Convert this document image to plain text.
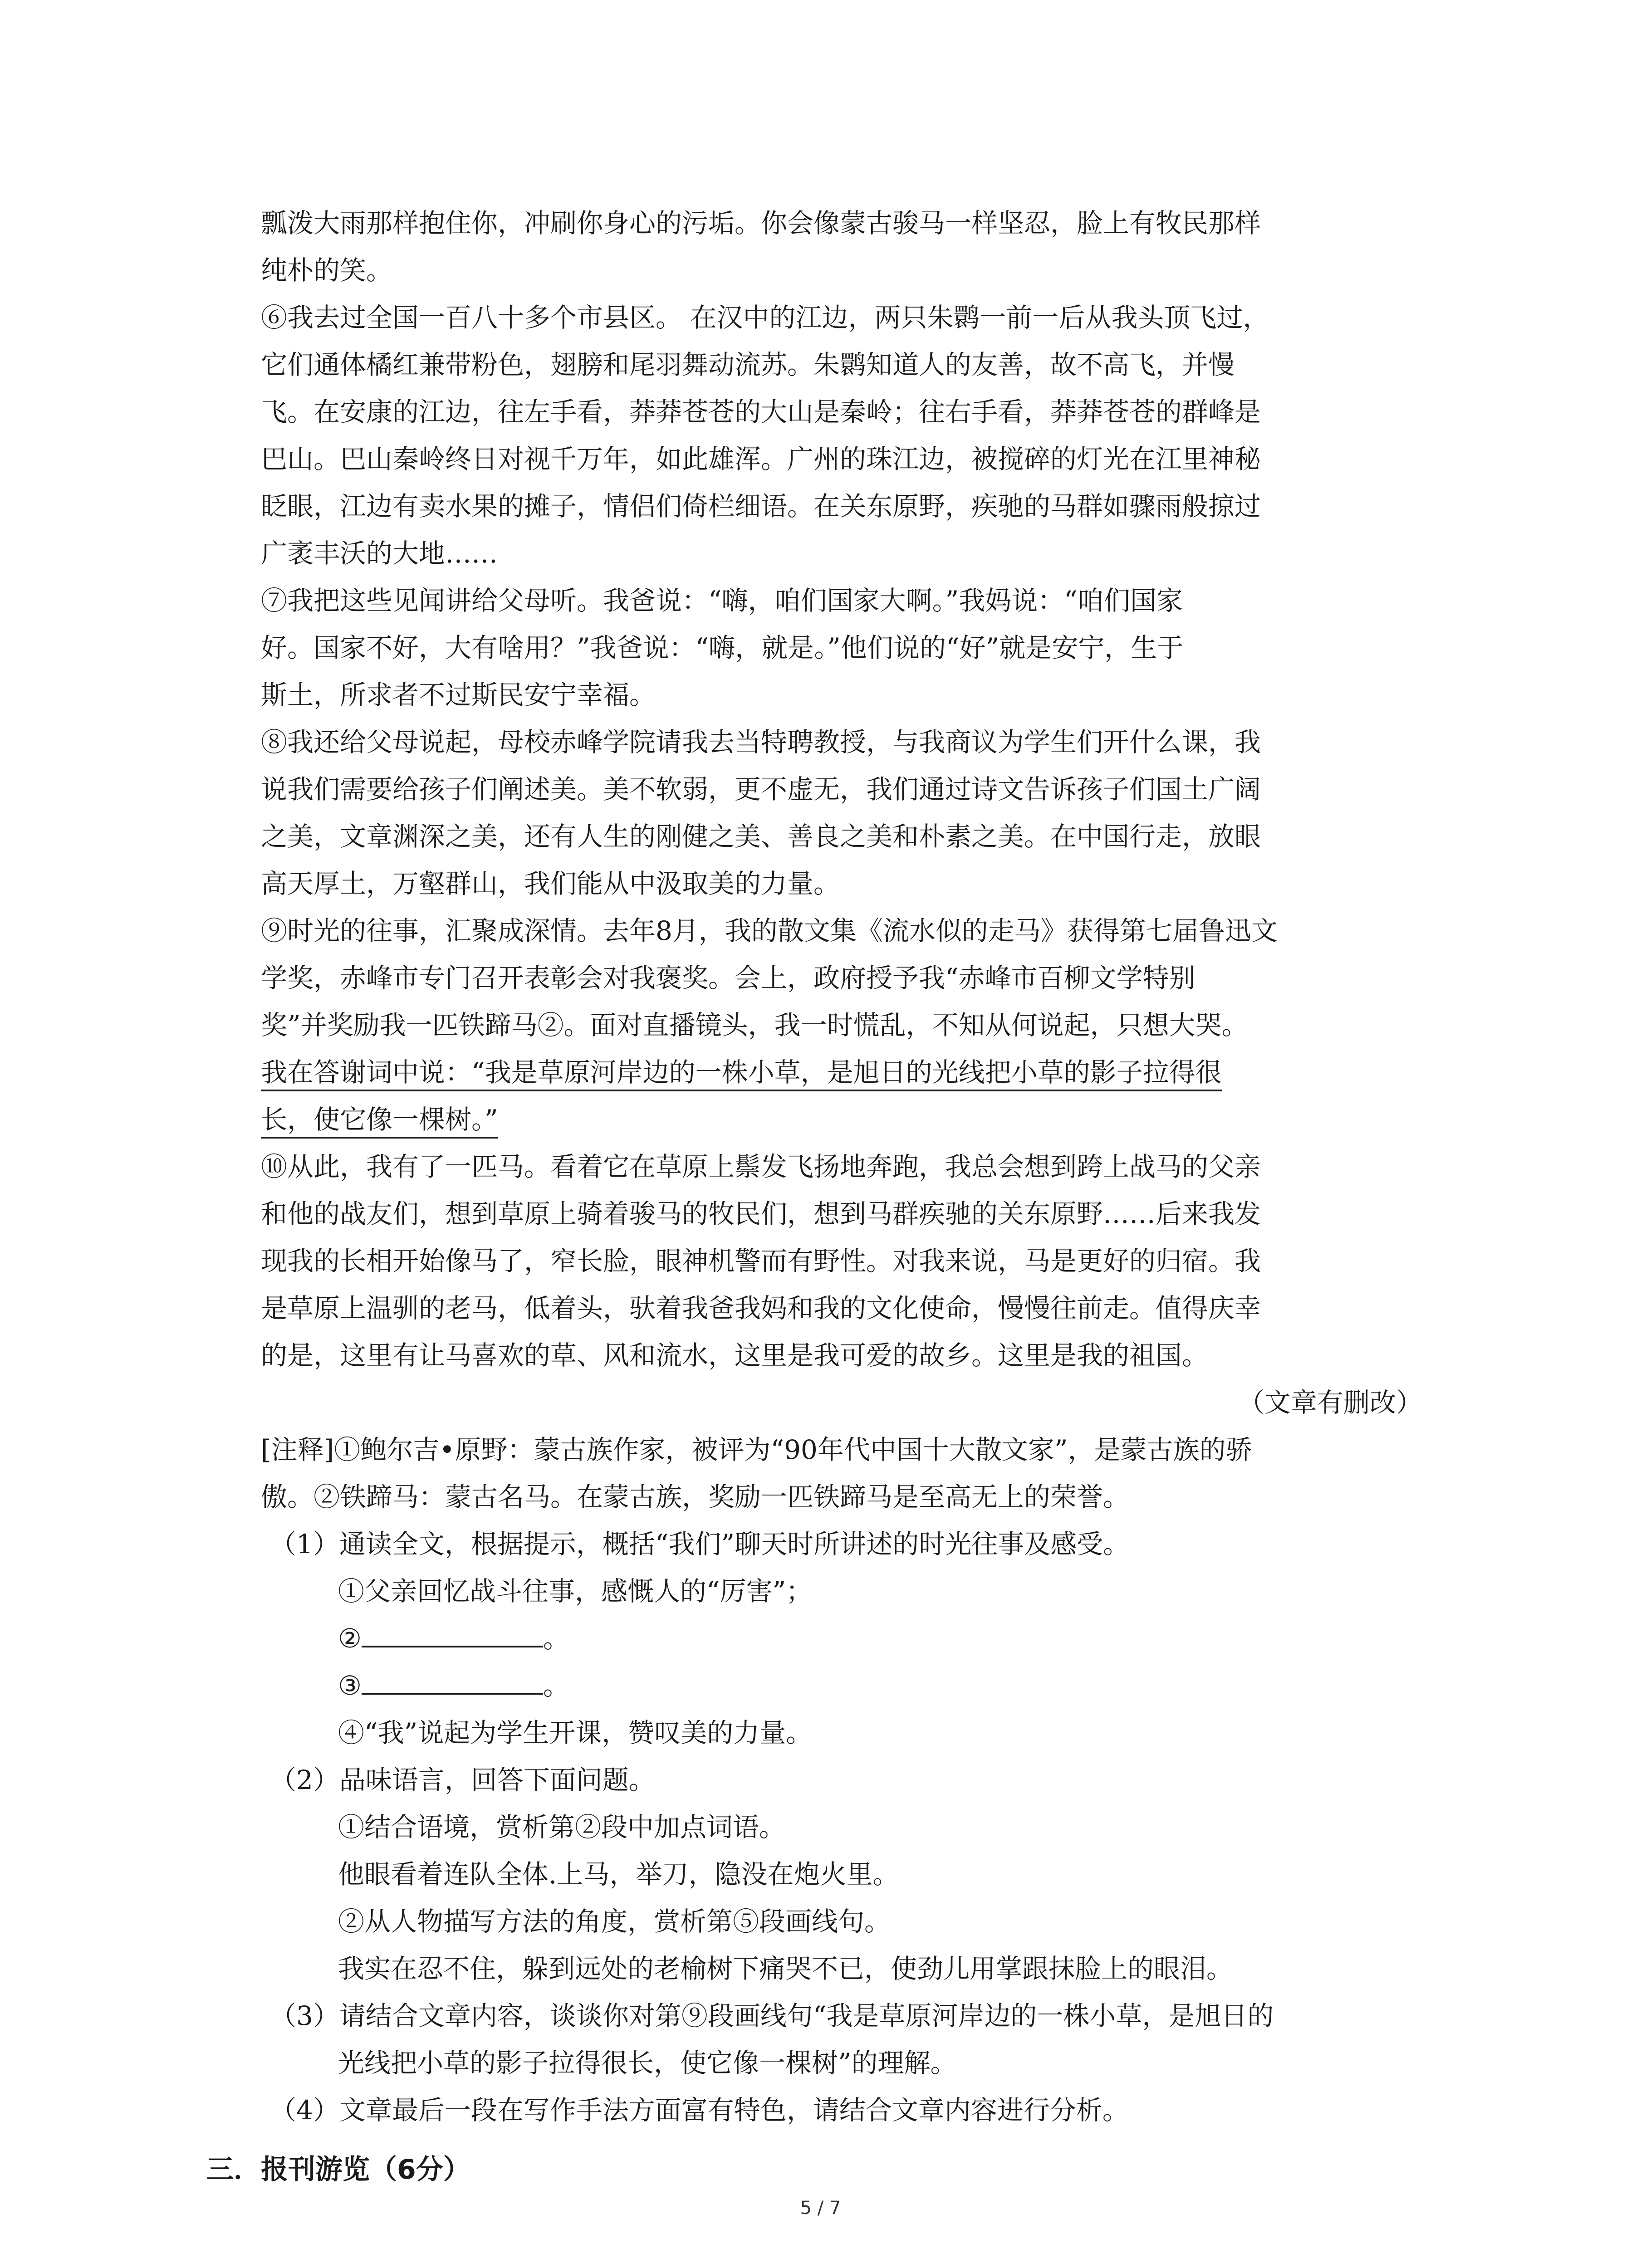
瓢泼大雨那样抱住你，冲刷你身心的污垢。你会像蒙古骏马一样坚忍，脸上有牧民那样
纯朴的笑。
⑥我去过全国一百八十多个市县区。 在汉中的江边，两只朱鹮一前一后从我头顶飞过，
它们通体橘红兼带粉色，翅膀和尾羽舞动流苏。朱鹮知道人的友善，故不高飞，并慢
飞。在安康的江边，往左手看，莽莽苍苍的大山是秦岭；往右手看，莽莽苍苍的群峰是
巴山。巴山秦岭终日对视千万年，如此雄浑。广州的珠江边，被搅碎的灯光在江里神秘
眨眼，江边有卖水果的摊子，情侣们倚栏细语。在关东原野，疾驰的马群如骤雨般掠过
广袤丰沃的大地……
⑦我把这些见闻讲给父母听。我爸说：“嗨，咱们国家大啊。”我妈说：“咱们国家
好。国家不好，大有啥用？”我爸说：“嗨，就是。”他们说的“好”就是安宁，生于
斯土，所求者不过斯民安宁幸福。
⑧我还给父母说起，母校赤峰学院请我去当特聘教授，与我商议为学生们开什么课，我
说我们需要给孩子们阐述美。美不软弱，更不虚无，我们通过诗文告诉孩子们国土广阔
之美，文章渊深之美，还有人生的刚健之美、善良之美和朴素之美。在中国行走，放眼
高天厚土，万壑群山，我们能从中汲取美的力量。
⑨时光的往事，汇聚成深情。去年8月，我的散文集《流水似的走马》获得第七届鲁迅文
学奖，赤峰市专门召开表彰会对我褒奖。会上，政府授予我“赤峰市百柳文学特别
奖”并奖励我一匹铁蹄马②。面对直播镜头，我一时慌乱，不知从何说起，只想大哭。
我在答谢词中说：“我是草原河岸边的一株小草，是旭日的光线把小草的影子拉得很
长，使它像一棵树。”
⑩从此，我有了一匹马。看着它在草原上鬃发飞扬地奔跑，我总会想到跨上战马的父亲
和他的战友们，想到草原上骑着骏马的牧民们，想到马群疾驰的关东原野……后来我发
现我的长相开始像马了，窄长脸，眼神机警而有野性。对我来说，马是更好的归宿。我
是草原上温驯的老马，低着头，驮着我爸我妈和我的文化使命，慢慢往前走。值得庆幸
的是，这里有让马喜欢的草、风和流水，这里是我可爱的故乡。这里是我的祖国。

（文章有删改）

[注释]①鲍尔吉•原野：蒙古族作家，被评为“90年代中国十大散文家”，是蒙古族的骄
傲。②铁蹄马：蒙古名马。在蒙古族，奖励一匹铁蹄马是至高无上的荣誉。

（1）通读全文，根据提示，概括“我们”聊天时所讲述的时光往事及感受。

①父亲回忆战斗往事，感慨人的“厉害”；

②	。

③	。

④“我”说起为学生开课，赞叹美的力量。

（2）品味语言，回答下面问题。

①结合语境，赏析第②段中加点词语。

他眼看着连队全体.上马，举刀，隐没在炮火里。

②从人物描写方法的角度，赏析第⑤段画线句。

我实在忍不住，躲到远处的老榆树下痛哭不已，使劲儿用掌跟抹脸上的眼泪。

（3）请结合文章内容，谈谈你对第⑨段画线句“我是草原河岸边的一株小草，是旭日的

光线把小草的影子拉得很长，使它像一棵树”的理解。

（4）文章最后一段在写作手法方面富有特色，请结合文章内容进行分析。

三．报刊游览（6分）

5 / 7
